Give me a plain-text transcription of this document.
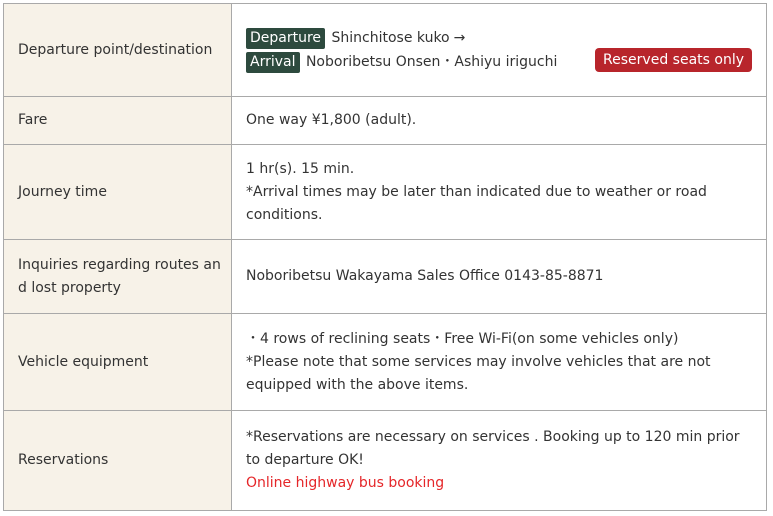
Departure point/destination	Departure Shinchitose kuko →
Arrival Noboribetsu Onsen・Ashiyu iriguchi Reserved seats only

Fare	One way ¥1,800 (adult).
Journey time	1 hr(s). 15 min.
*Arrival times may be later than indicated due to weather or road conditions.

Inquiries regarding routes and lost property	Noboribetsu Wakayama Sales Office 0143-85-8871
Vehicle equipment	・4 rows of reclining seats・Free Wi-Fi(on some vehicles only)
*Please note that some services may involve vehicles that are not equipped with the above items.

Reservations	*Reservations are necessary on services . Booking up to 120 min prior to departure OK!
Online highway bus booking
